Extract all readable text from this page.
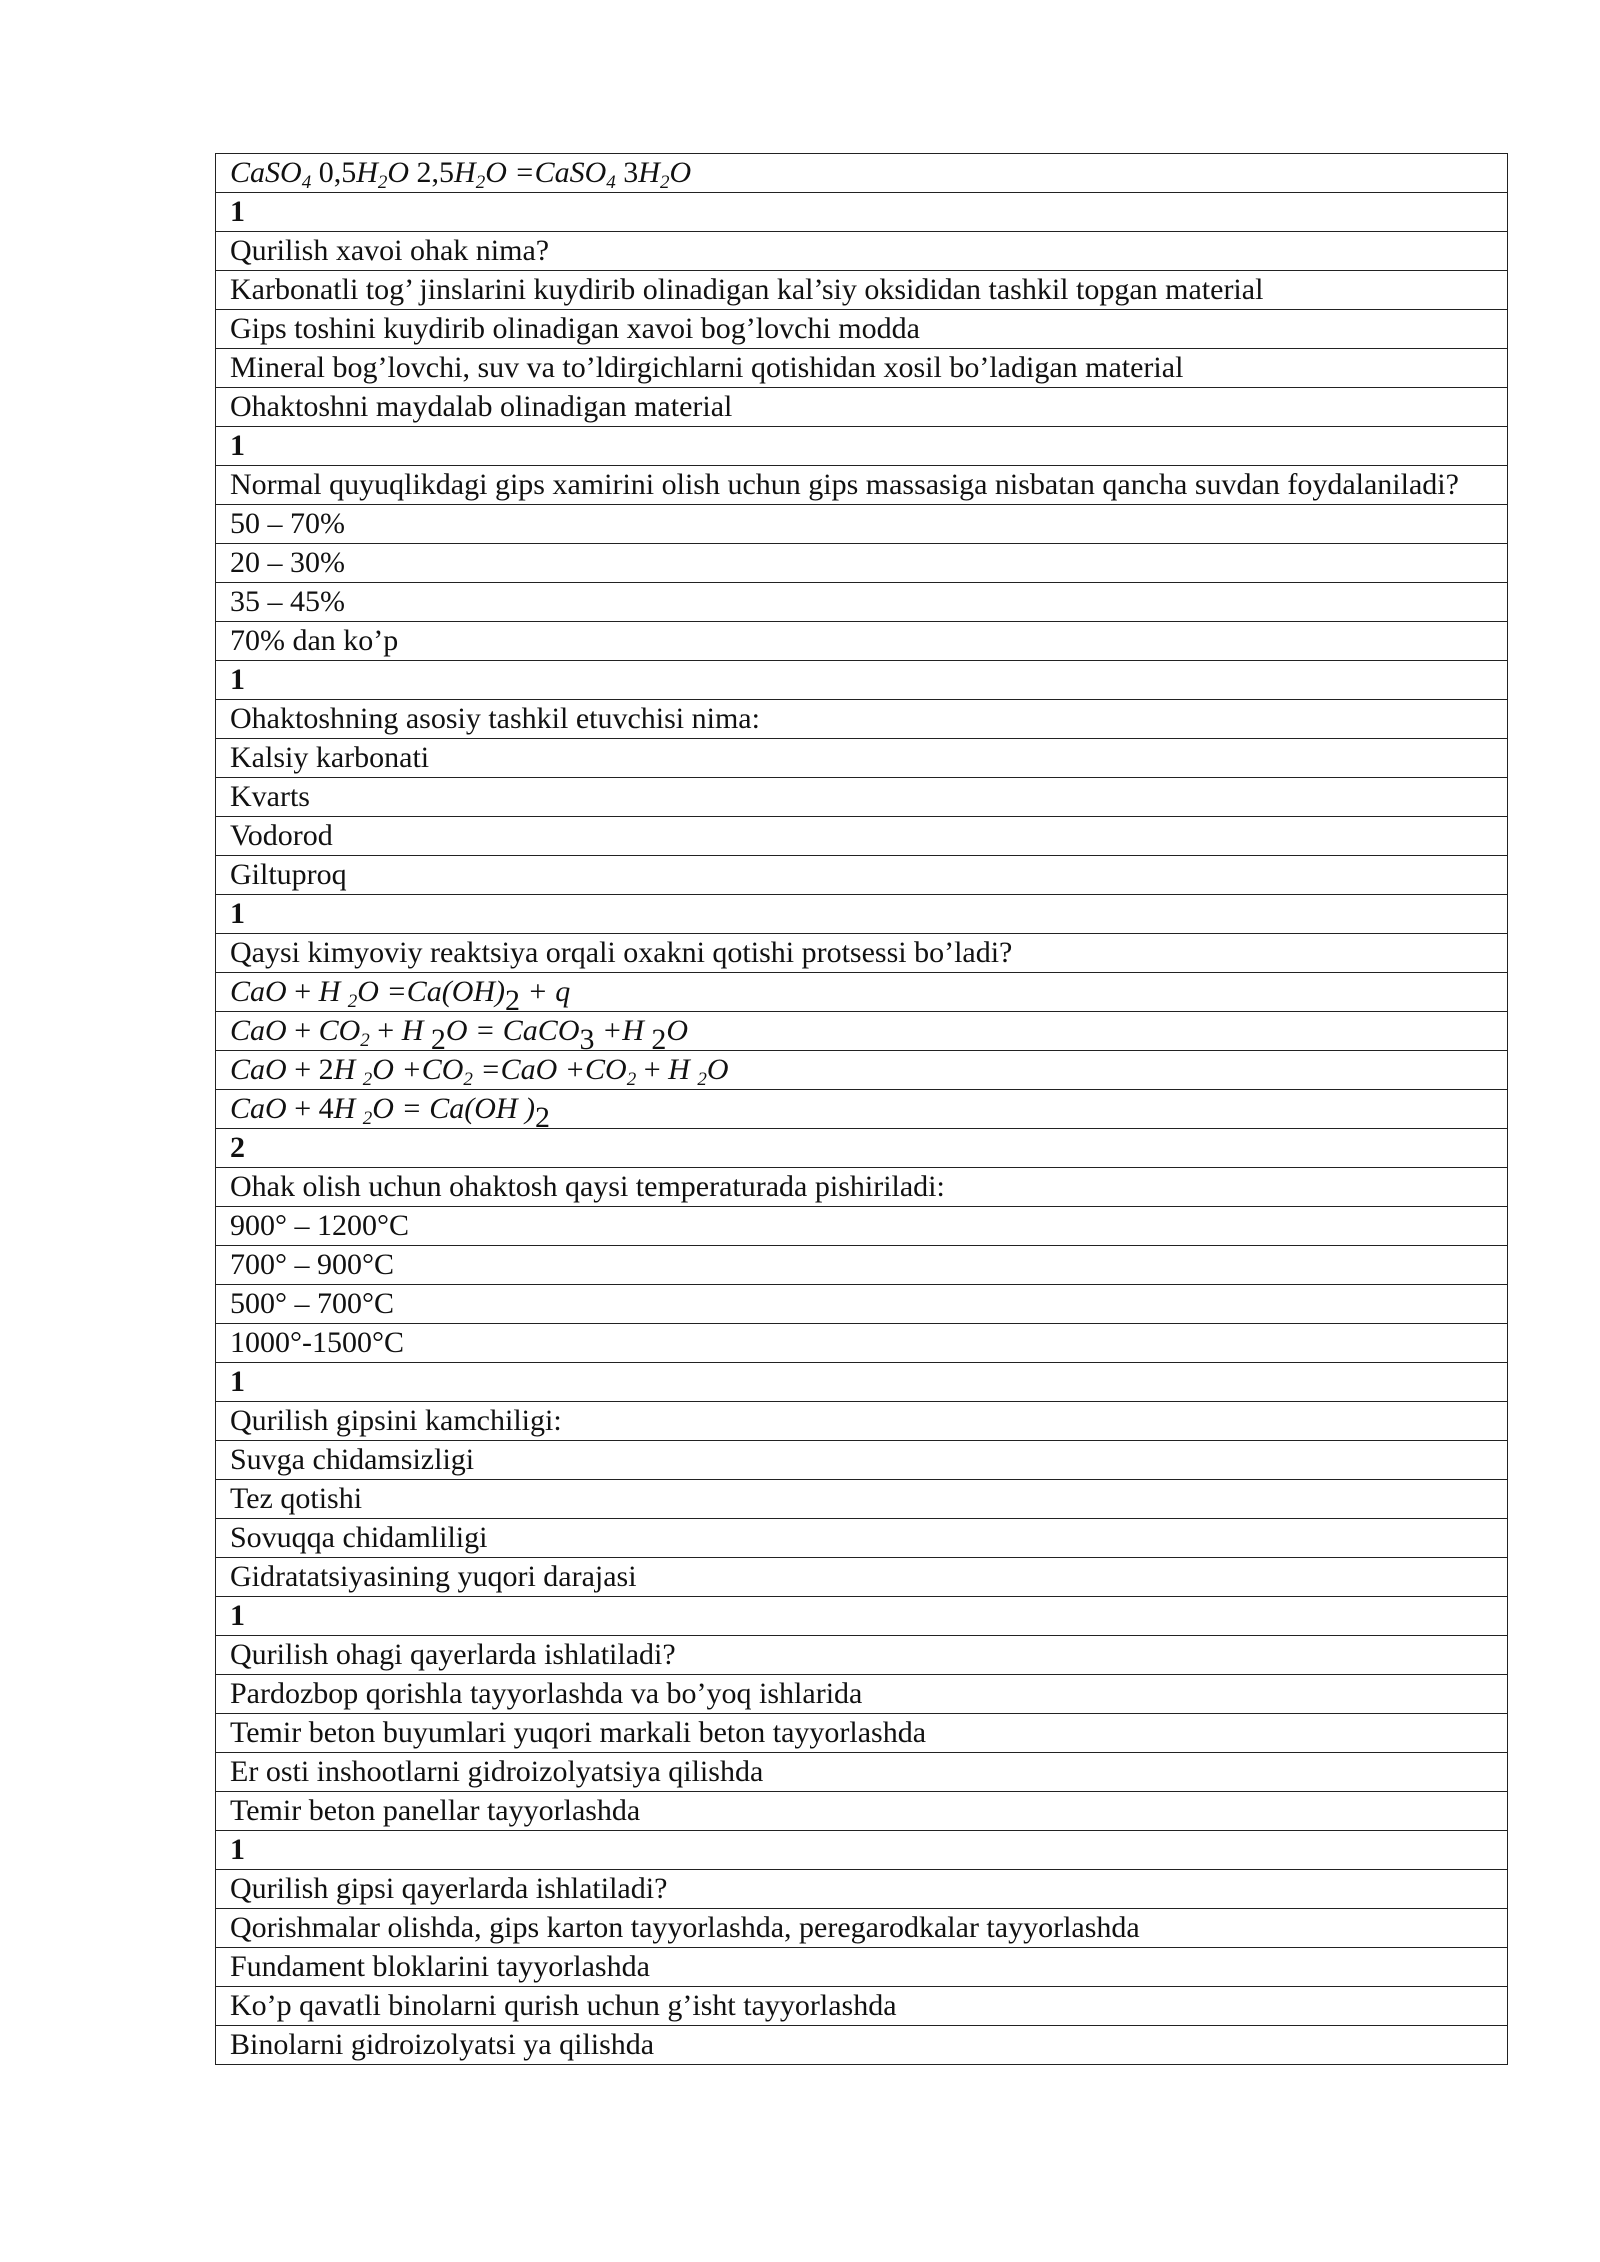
CaSO$_4$ $0,5H_2O$ $2,5H_2O$ =CaSO$_4$ $3H_2O$
1
Qurilish xavoi ohak nima?
Karbonatli tog’ jinslarini kuydirib olinadigan kal’siy oksididan tashkil topgan material
Gips toshini kuydirib olinadigan xavoi bog’lovchi modda
Mineral bog’lovchi, suv va to’ldirgichlarni qotishidan xosil bo’ladigan material
Ohaktoshni maydalab olinadigan material
1
Normal quyuqlikdagi gips xamirini olish uchun gips massasiga nisbatan qancha suvdan foydalaniladi?
50 – 70%
20 – 30%
35 – 45%
70% dan ko’p
1
Ohaktoshning asosiy tashkil etuvchisi nima:
Kalsiy karbonati
Kvarts
Vodorod
Giltuproq
1
Qaysi kimyoviy reaktsiya orqali oxakni qotishi protsessi bo’ladi?
CaO + H $_2O =Ca(OH)_2 + q$
CaO + $CO_2 + H$ $_2$O = CaCO$_3$ +H $_2$O
CaO + 2H $_2O +CO_2 =CaO +CO_2 + H$ $_2$O
CaO + 4H $_2$O = Ca(OH )$_2$
2
Ohak olish uchun ohaktosh qaysi temperaturada pishiriladi:
900° – 1200°C
700° – 900°C
500° – 700°C
1000°-1500°C
1
Qurilish gipsini kamchiligi:
Suvga chidamsizligi
Tez qotishi
Sovuqqa chidamliligi
Gidratatsiyasining yuqori darajasi
1
Qurilish ohagi qayerlarda ishlatiladi?
Pardozbop qorishla tayyorlashda va bo’yoq ishlarida
Temir beton buyumlari yuqori markali beton tayyorlashda
Er osti inshootlarni gidroizolyatsiya qilishda
Temir beton panellar tayyorlashda
1
Qurilish gipsi qayerlarda ishlatiladi?
Qorishmalar olishda, gips karton tayyorlashda, peregarodkalar tayyorlashda
Fundament bloklarini tayyorlashda
Ko’p qavatli binolarni qurish uchun g’isht tayyorlashda
Binolarni gidroizolyatsi ya qilishda
